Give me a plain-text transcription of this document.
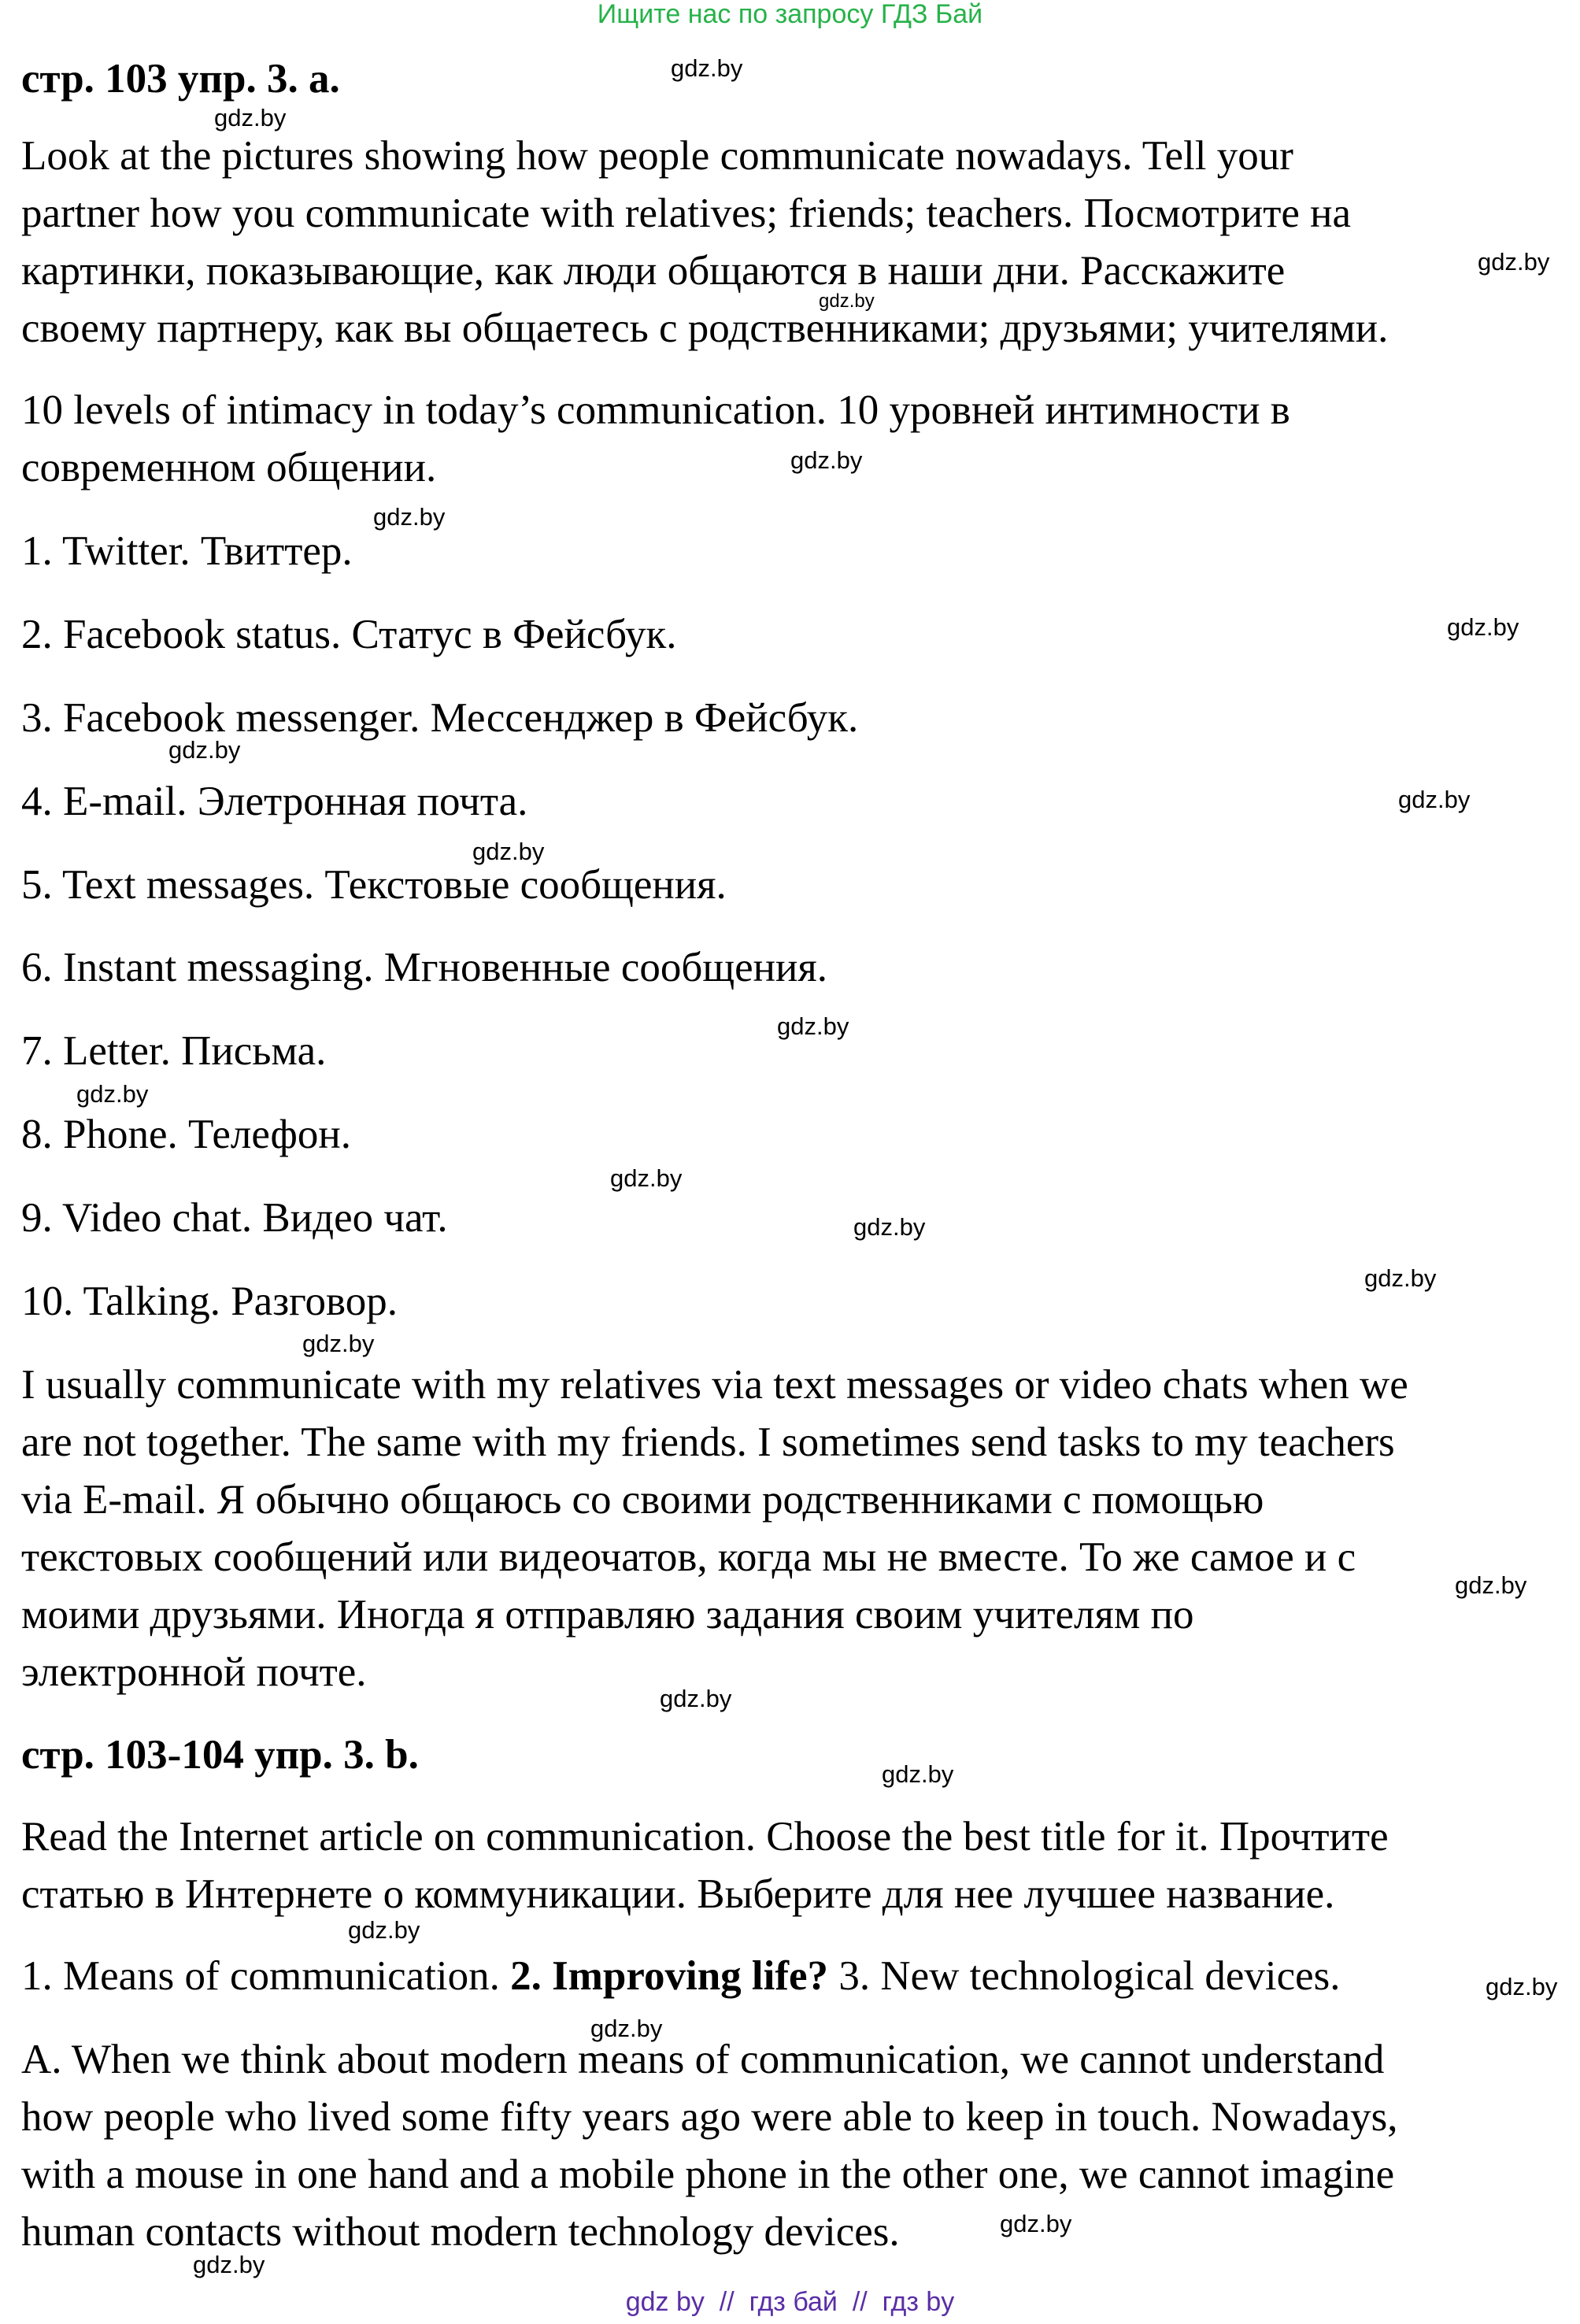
Ищите нас по запросу ГДЗ Бай
стр. 103 упр. 3. a.
Look at the pictures showing how people communicate nowadays. Tell your
partner how you communicate with relatives; friends; teachers. Посмотрите на
картинки, показывающие, как люди общаются в наши дни. Расскажите
своему партнеру, как вы общаетесь с родственниками; друзьями; учителями.
10 levels of intimacy in today’s communication. 10 уровней интимности в
современном общении.
1. Twitter. Твиттер.
2. Facebook status. Статус в Фейсбук.
3. Facebook messenger. Мессенджер в Фейсбук.
4. E-mail. Элетронная почта.
5. Text messages. Текстовые сообщения.
6. Instant messaging. Мгновенные сообщения.
7. Letter. Письма.
8. Phone. Телефон.
9. Video chat. Видео чат.
10. Talking. Разговор.
I usually communicate with my relatives via text messages or video chats when we
are not together. The same with my friends. I sometimes send tasks to my teachers
via E-mail. Я обычно общаюсь со своими родственниками с помощью
текстовых сообщений или видеочатов, когда мы не вместе. То же самое и с
моими друзьями. Иногда я отправляю задания своим учителям по
электронной почте.
стр. 103-104 упр. 3. b.
Read the Internet article on communication. Choose the best title for it. Прочтите
статью в Интернете о коммуникации. Выберите для нее лучшее название.
1. Means of communication. 2. Improving life? 3. New technological devices.
A. When we think about modern means of communication, we cannot understand
how people who lived some fifty years ago were able to keep in touch. Nowadays,
with a mouse in one hand and a mobile phone in the other one, we cannot imagine
human contacts without modern technology devices.
gdz.by
gdz.by
gdz.by
gdz.by
gdz.by
gdz.by
gdz.by
gdz.by
gdz.by
gdz.by
gdz.by
gdz.by
gdz.by
gdz.by
gdz.by
gdz.by
gdz.by
gdz.by
gdz.by
gdz.by
gdz.by
gdz.by
gdz.by
gdz.by
gdz by  //  гдз бай  //  гдз by
